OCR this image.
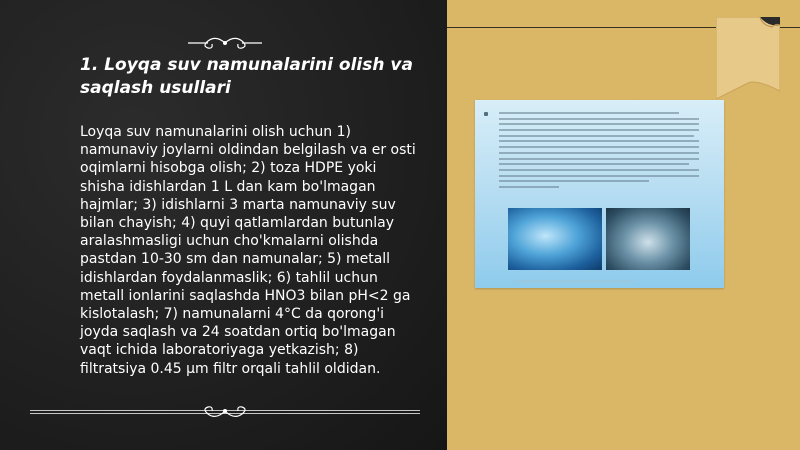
1. Loyqa suv namunalarini olish va saqlash usullari

Loyqa suv namunalarini olish uchun 1) namunaviy joylarni oldindan belgilash va er osti oqimlarni hisobga olish; 2) toza HDPE yoki shisha idishlardan 1 L dan kam bo'lmagan hajmlar; 3) idishlarni 3 marta namunaviy suv bilan chayish; 4) quyi qatlamlardan butunlay aralashmasligi uchun cho'kmalarni olishda pastdan 10-30 sm dan namunalar; 5) metall idishlardan foydalanmaslik; 6) tahlil uchun metall ionlarini saqlashda HNO3 bilan pH<2 ga kislotalash; 7) namunalarni 4°C da qorong'i joyda saqlash va 24 soatdan ortiq bo'lmagan vaqt ichida laboratoriyaga yetkazish; 8) filtratsiya 0.45 µm filtr orqali tahlil oldidan.
